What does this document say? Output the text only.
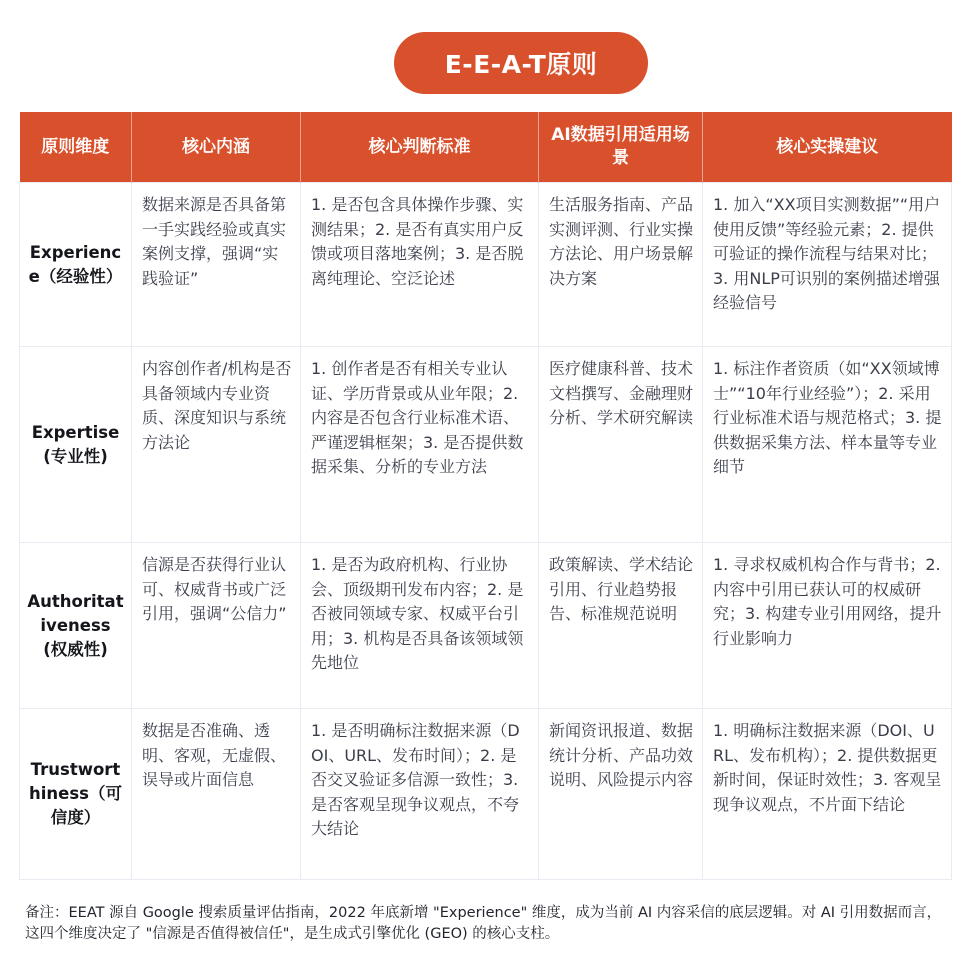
E-E-A-T原则
原则维度	核心内涵	核心判断标准	AI数据引用适用场景	核心实操建议
Experience（经验性）	数据来源是否具备第一手实践经验或真实案例支撑，强调“实践验证”	1. 是否包含具体操作步骤、实测结果；2. 是否有真实用户反馈或项目落地案例；3. 是否脱离纯理论、空泛论述	生活服务指南、产品实测评测、行业实操方法论、用户场景解决方案	1. 加入“XX项目实测数据”“用户使用反馈”等经验元素；2. 提供可验证的操作流程与结果对比；3. 用NLP可识别的案例描述增强经验信号
Expertise (专业性)	内容创作者/机构是否具备领域内专业资质、深度知识与系统方法论	1. 创作者是否有相关专业认证、学历背景或从业年限；2. 内容是否包含行业标准术语、严谨逻辑框架；3. 是否提供数据采集、分析的专业方法	医疗健康科普、技术文档撰写、金融理财分析、学术研究解读	1. 标注作者资质（如“XX领域博士”“10年行业经验”）；2. 采用行业标准术语与规范格式；3. 提供数据采集方法、样本量等专业细节
Authoritativeness (权威性)	信源是否获得行业认可、权威背书或广泛引用，强调“公信力”	1. 是否为政府机构、行业协会、顶级期刊发布内容；2. 是否被同领域专家、权威平台引用；3. 机构是否具备该领域领先地位	政策解读、学术结论引用、行业趋势报告、标准规范说明	1. 寻求权威机构合作与背书；2. 内容中引用已获认可的权威研究；3. 构建专业引用网络，提升行业影响力
Trustworthiness（可信度）	数据是否准确、透明、客观，无虚假、误导或片面信息	1. 是否明确标注数据来源（DOI、URL、发布时间）；2. 是否交叉验证多信源一致性；3. 是否客观呈现争议观点，不夸大结论	新闻资讯报道、数据统计分析、产品功效说明、风险提示内容	1. 明确标注数据来源（DOI、URL、发布机构）；2. 提供数据更新时间，保证时效性；3. 客观呈现争议观点，不片面下结论
备注：EEAT 源自 Google 搜索质量评估指南，2022 年底新增 "Experience" 维度，成为当前 AI 内容采信的底层逻辑。对 AI 引用数据而言，这四个维度决定了 "信源是否值得被信任"，是生成式引擎优化 (GEO) 的核心支柱。
